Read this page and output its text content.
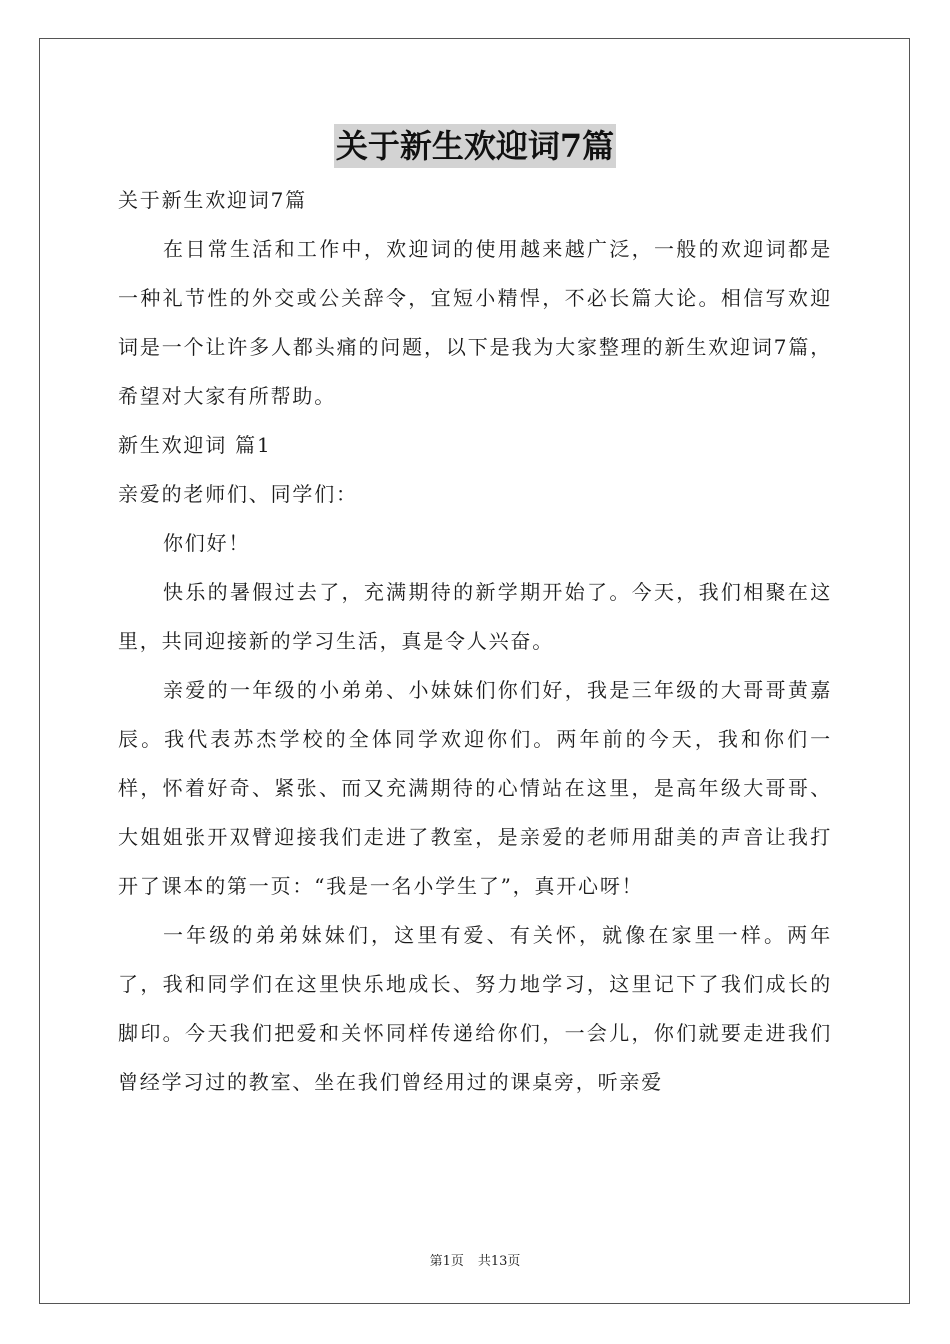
关于新生欢迎词7篇

关于新生欢迎词7篇

在日常生活和工作中，欢迎词的使用越来越广泛，一般的欢迎词都是一种礼节性的外交或公关辞令，宜短小精悍，不必长篇大论。相信写欢迎词是一个让许多人都头痛的问题，以下是我为大家整理的新生欢迎词7篇，希望对大家有所帮助。

新生欢迎词 篇1

亲爱的老师们、同学们：

你们好！

快乐的暑假过去了，充满期待的新学期开始了。今天，我们相聚在这里，共同迎接新的学习生活，真是令人兴奋。

亲爱的一年级的小弟弟、小妹妹们你们好，我是三年级的大哥哥黄嘉辰。我代表苏杰学校的全体同学欢迎你们。两年前的今天，我和你们一样，怀着好奇、紧张、而又充满期待的心情站在这里，是高年级大哥哥、大姐姐张开双臂迎接我们走进了教室，是亲爱的老师用甜美的声音让我打开了课本的第一页：“我是一名小学生了”，真开心呀！

一年级的弟弟妹妹们，这里有爱、有关怀，就像在家里一样。两年了，我和同学们在这里快乐地成长、努力地学习，这里记下了我们成长的脚印。今天我们把爱和关怀同样传递给你们，一会儿，你们就要走进我们曾经学习过的教室、坐在我们曾经用过的课桌旁，听亲爱

第1页 共13页
